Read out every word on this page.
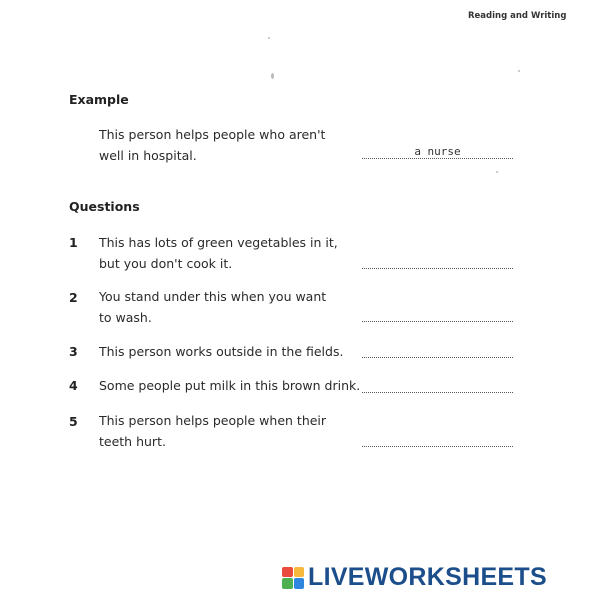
Reading and Writing
Example
This person helps people who aren't
well in hospital.	a nurse
Questions
1 This has lots of green vegetables in it,
but you don't cook it.
2 You stand under this when you want
to wash.
3 This person works outside in the fields.
4 Some people put milk in this brown drink.
5 This person helps people when their
teeth hurt.
LIVEWORKSHEETS
